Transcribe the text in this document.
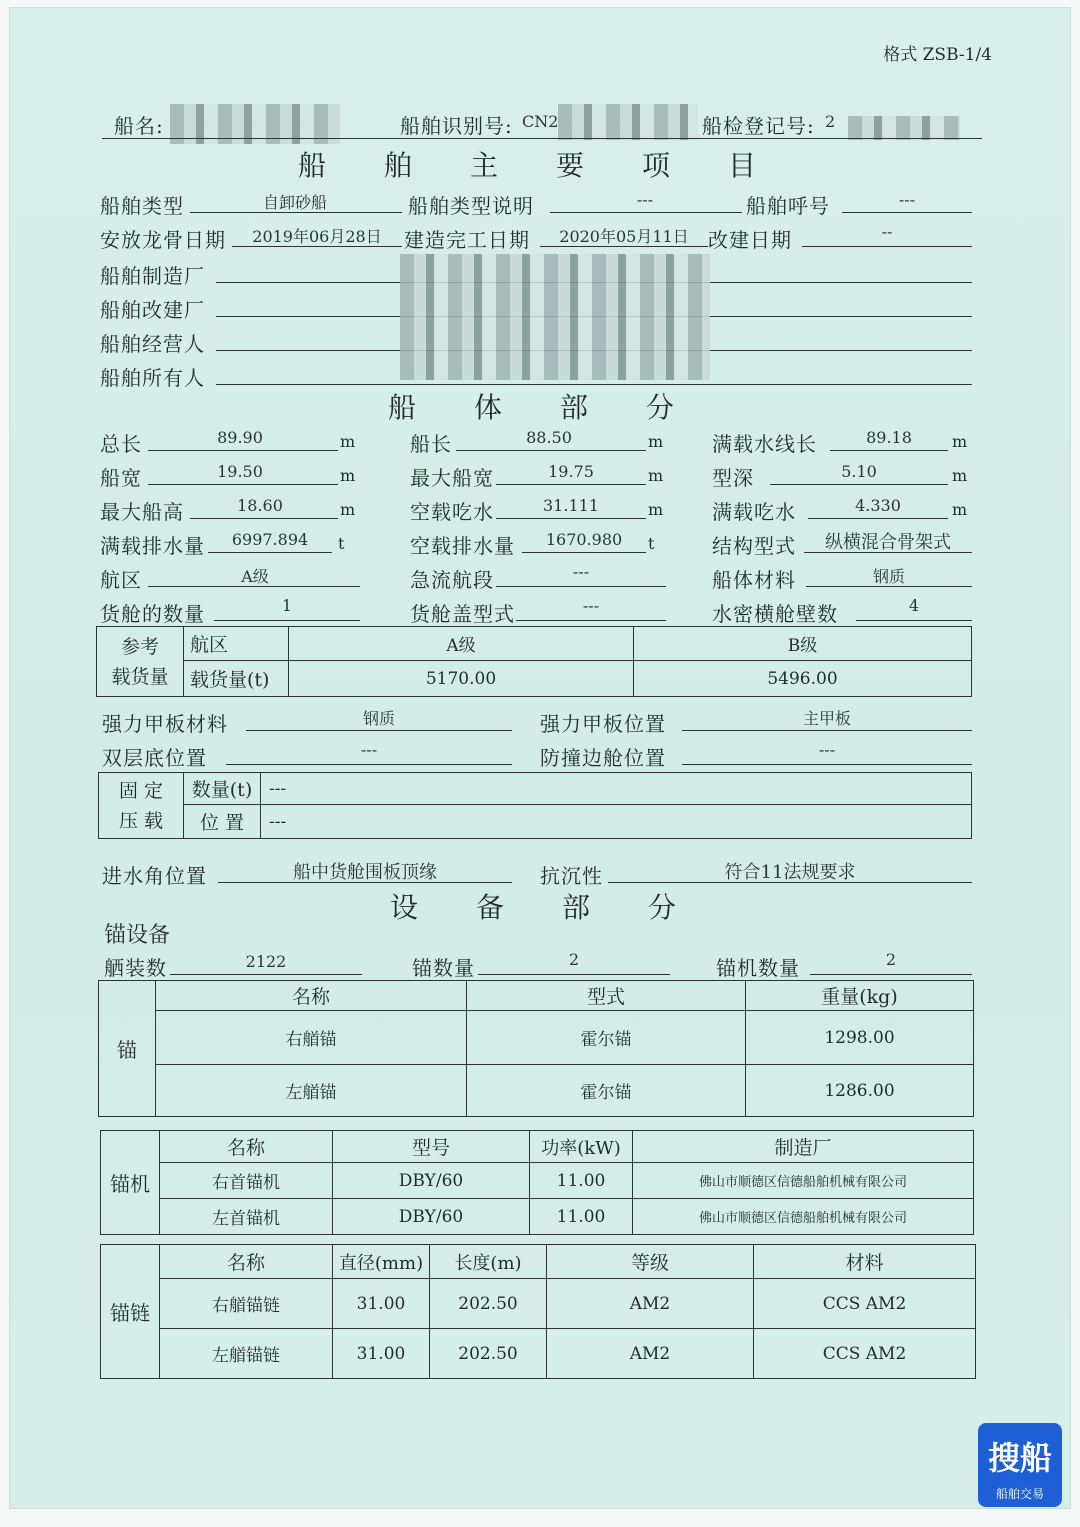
格式 ZSB-1/4
船名:	船舶识别号: CN2	船检登记号: 2
船舶主要项目
船舶类型	自卸砂船	船舶类型说明	---	船舶呼号	---
安放龙骨日期	2019年06月28日	建造完工日期	2020年05月11日 改建日期	--
船舶制造厂
船舶改建厂
船舶经营人
船舶所有人
船体部分
总长	89.90	m	船长	88.50	m 满载水线长	89.18	m
船宽	19.50	m	最大船宽	19.75	m 型深	5.10	m
最大船高	18.60	m	空载吃水	31.111	m 满载吃水	4.330	m
满载排水量	6997.894	t	空载排水量	1670.980	t	结构型式	纵横混合骨架式
航区	A级	急流航段	---	船体材料	钢质
货舱的数量	1	货舱盖型式	---	水密横舱壁数	4
参考
载货量	航区	A级	B级
	载货量(t)	5170.00	5496.00
强力甲板材料	钢质	强力甲板位置	主甲板
双层底位置	---	防撞边舱位置	---
固 定
压 载	数量(t)	---
	位 置	---
进水角位置	船中货舱围板顶缘	抗沉性	符合11法规要求
设备部分
锚设备
舾装数	2122	锚数量	2	锚机数量	2
锚	名称	型式	重量(kg)
	右艏锚	霍尔锚	1298.00
	左艏锚	霍尔锚	1286.00
锚机	名称	型号	功率(kW)	制造厂
	右首锚机	DBY/60	11.00	佛山市顺德区信德船舶机械有限公司
	左首锚机	DBY/60	11.00	佛山市顺德区信德船舶机械有限公司
锚链	名称	直径(mm)	长度(m)	等级	材料
	右艏锚链	31.00	202.50	AM2	CCS AM2
	左艏锚链	31.00	202.50	AM2	CCS AM2
搜船
船舶交易
